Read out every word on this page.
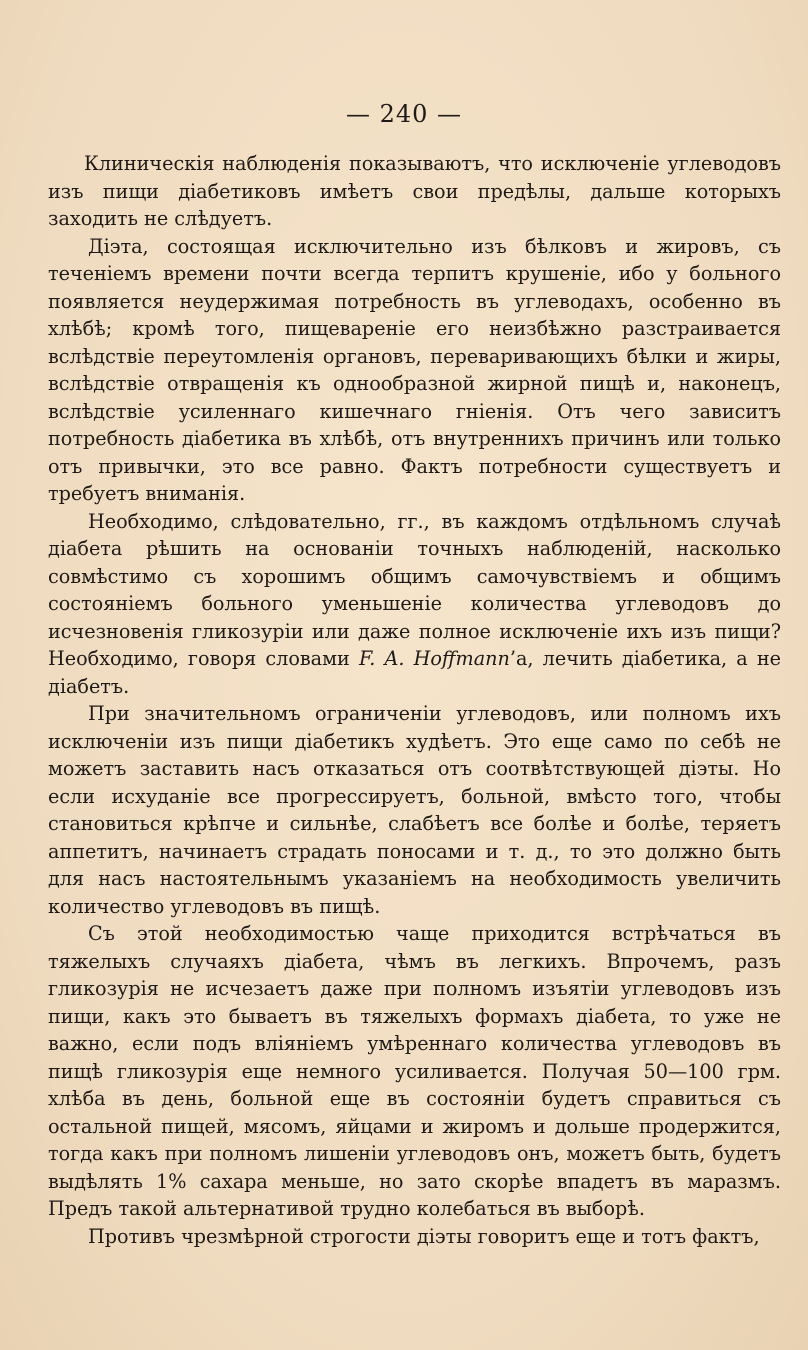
— 240 —

Клиническія наблюденія показываютъ, что исключеніе углеводовъ изъ пищи діабетиковъ имѣетъ свои предѣлы, дальше которыхъ заходить не слѣдуетъ.

Діэта, состоящая исключительно изъ бѣлковъ и жировъ, съ теченіемъ времени почти всегда терпитъ крушеніе, ибо у больного появляется неудержимая потребность въ углеводахъ, особенно въ хлѣбѣ; кромѣ того, пищевареніе его неизбѣжно разстраивается вслѣдствіе переутомленія органовъ, переваривающихъ бѣлки и жиры, вслѣдствіе отвращенія къ однообразной жирной пищѣ и, наконецъ, вслѣдствіе усиленнаго кишечнаго гніенія. Отъ чего зависитъ потребность діабетика въ хлѣбѣ, отъ внутреннихъ причинъ или только отъ привычки, это все равно. Фактъ потребности существуетъ и требуетъ вниманія.

Необходимо, слѣдовательно, гг., въ каждомъ отдѣльномъ случаѣ діабета рѣшить на основаніи точныхъ наблюденій, насколько совмѣстимо съ хорошимъ общимъ самочувствіемъ и общимъ состояніемъ больного уменьшеніе количества углеводовъ до исчезновенія гликозуріи или даже полное исключеніе ихъ изъ пищи? Необходимо, говоря словами F. A. Hoffmann’а, лечить діабетика, а не діабетъ.

При значительномъ ограниченіи углеводовъ, или полномъ ихъ исключеніи изъ пищи діабетикъ худѣетъ. Это еще само по себѣ не можетъ заставить насъ отказаться отъ соотвѣтствующей діэты. Но если исхуданіе все прогрессируетъ, больной, вмѣсто того, чтобы становиться крѣпче и сильнѣе, слабѣетъ все болѣе и болѣе, теряетъ аппетитъ, начинаетъ страдать поносами и т. д., то это должно быть для насъ настоятельнымъ указаніемъ на необходимость увеличить количество углеводовъ въ пищѣ.

Съ этой необходимостью чаще приходится встрѣчаться въ тяжелыхъ случаяхъ діабета, чѣмъ въ легкихъ. Впрочемъ, разъ гликозурія не исчезаетъ даже при полномъ изъятіи углеводовъ изъ пищи, какъ это бываетъ въ тяжелыхъ формахъ діабета, то уже не важно, если подъ вліяніемъ умѣреннаго количества углеводовъ въ пищѣ гликозурія еще немного усиливается. Получая 50—100 грм. хлѣба въ день, больной еще въ состояніи будетъ справиться съ остальной пищей, мясомъ, яйцами и жиромъ и дольше продержится, тогда какъ при полномъ лишеніи углеводовъ онъ, можетъ быть, будетъ выдѣлять 1% сахара меньше, но зато скорѣе впадетъ въ маразмъ. Предъ такой альтернативой трудно колебаться въ выборѣ.

Противъ чрезмѣрной строгости діэты говоритъ еще и тотъ фактъ,
